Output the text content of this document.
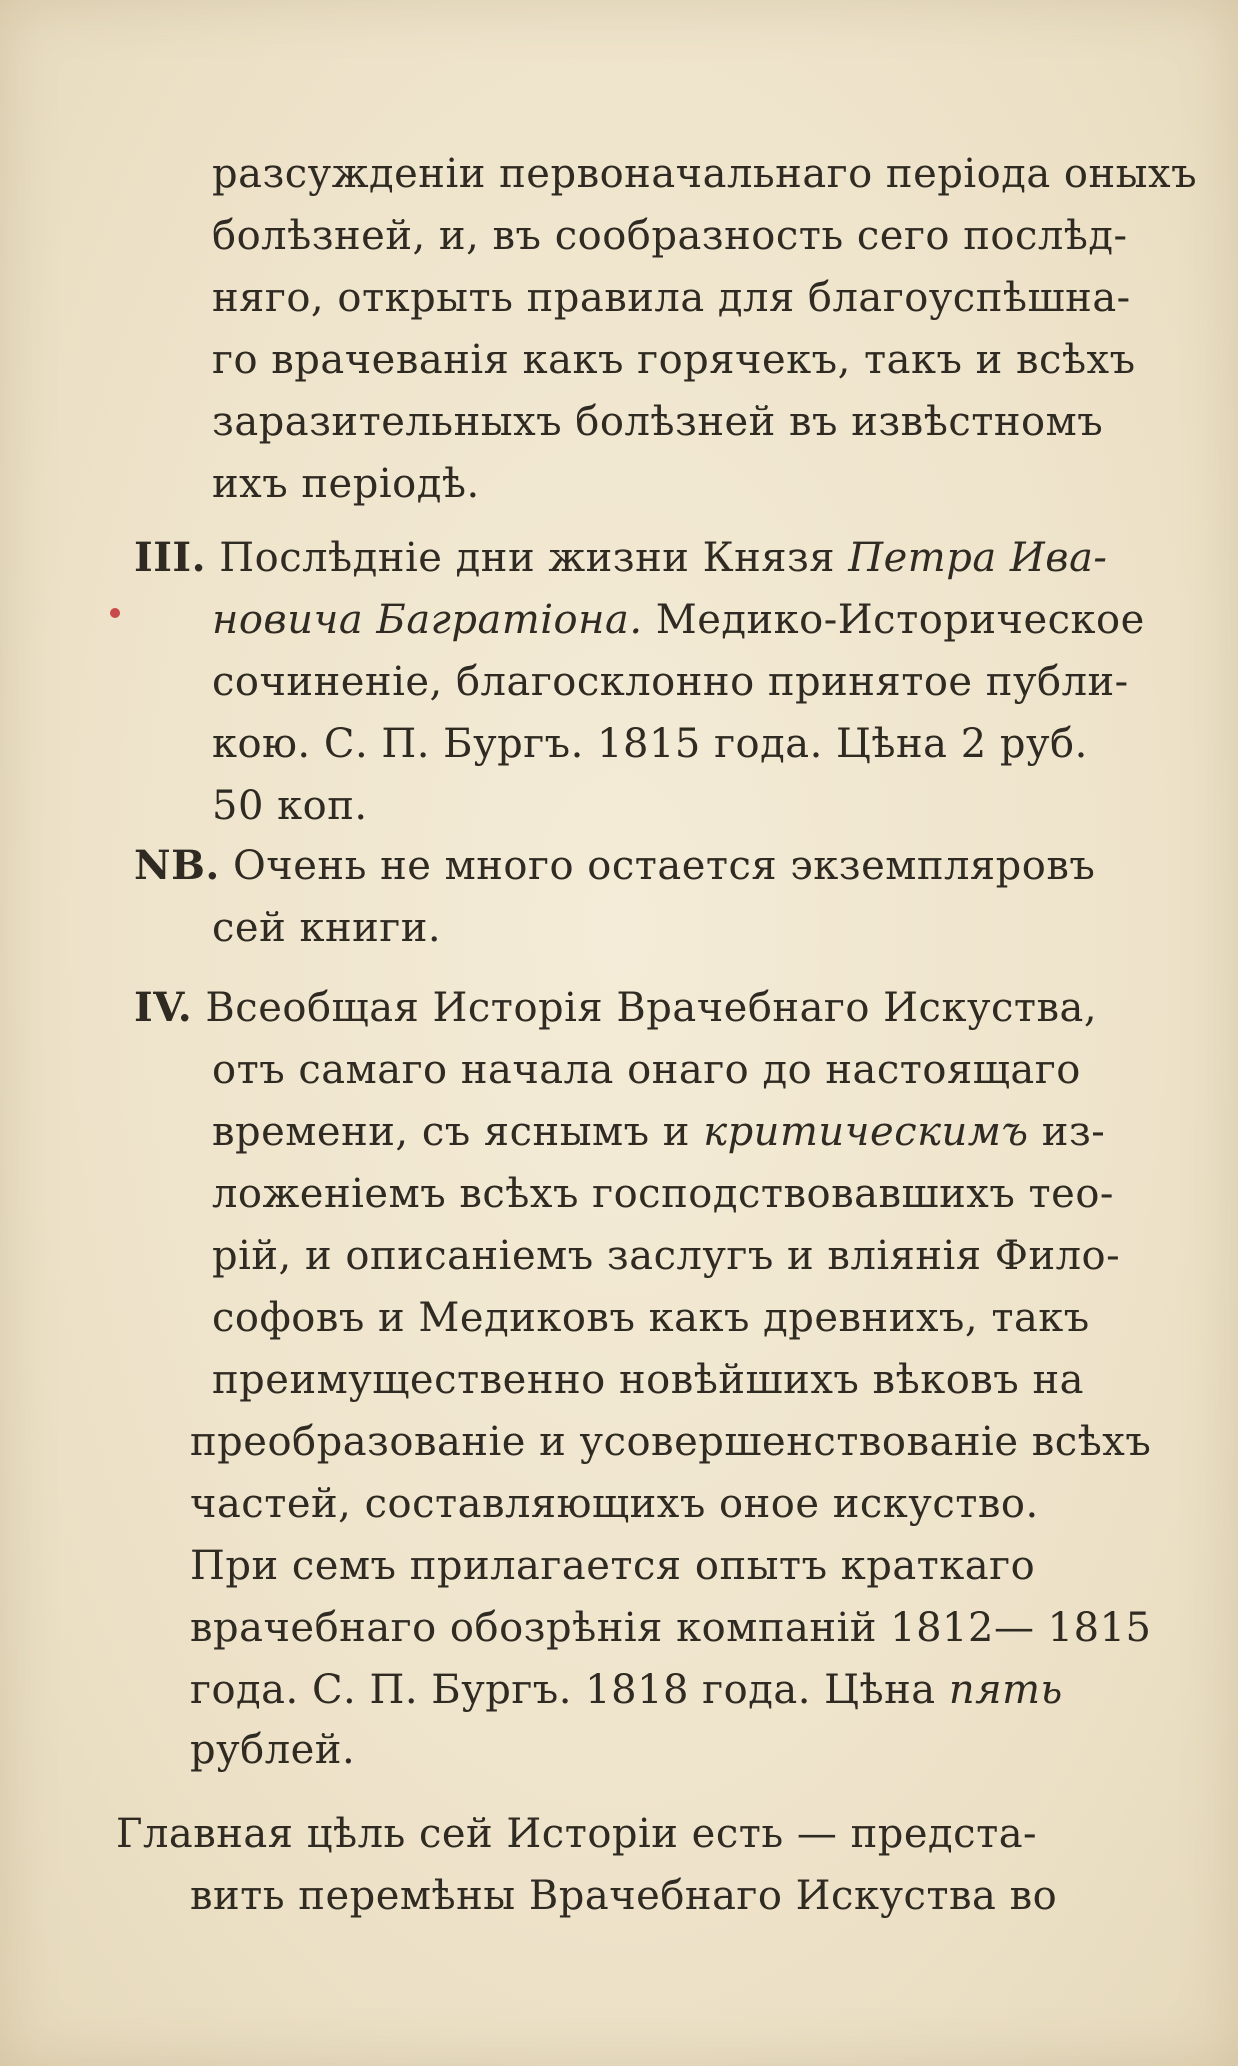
разсужденіи первоначальнаго періода оныхъ
болѣзней, и, въ сообразность сего послѣд-
няго, открыть правила для благоуспѣшна-
го врачеванія какъ горячекъ, такъ и всѣхъ
заразительныхъ болѣзней въ извѣстномъ
ихъ періодѣ.
III. Послѣдніе дни жизни Князя Петра Ива-
новича Багратіона. Медико-Историческое
сочиненіе, благосклонно принятое публи-
кою. С. П. Бургъ. 1815 года. Цѣна 2 руб.
50 коп.
NB. Очень не много остается экземпляровъ
сей книги.
IV. Всеобщая Исторія Врачебнаго Искуства,
отъ самаго начала онаго до настоящаго
времени, съ яснымъ и критическимъ из-
ложеніемъ всѣхъ господствовавшихъ тео-
рій, и описаніемъ заслугъ и вліянія Фило-
софовъ и Медиковъ какъ древнихъ, такъ
преимущественно новѣйшихъ вѣковъ на
преобразованіе и усовершенствованіе всѣхъ
частей, составляющихъ оное искуство.
При семъ прилагается опытъ краткаго
врачебнаго обозрѣнія компаній 1812— 1815
года. С. П. Бургъ. 1818 года. Цѣна пять
рублей.
Главная цѣль сей Исторіи есть — предста-
вить перемѣны Врачебнаго Искуства во
